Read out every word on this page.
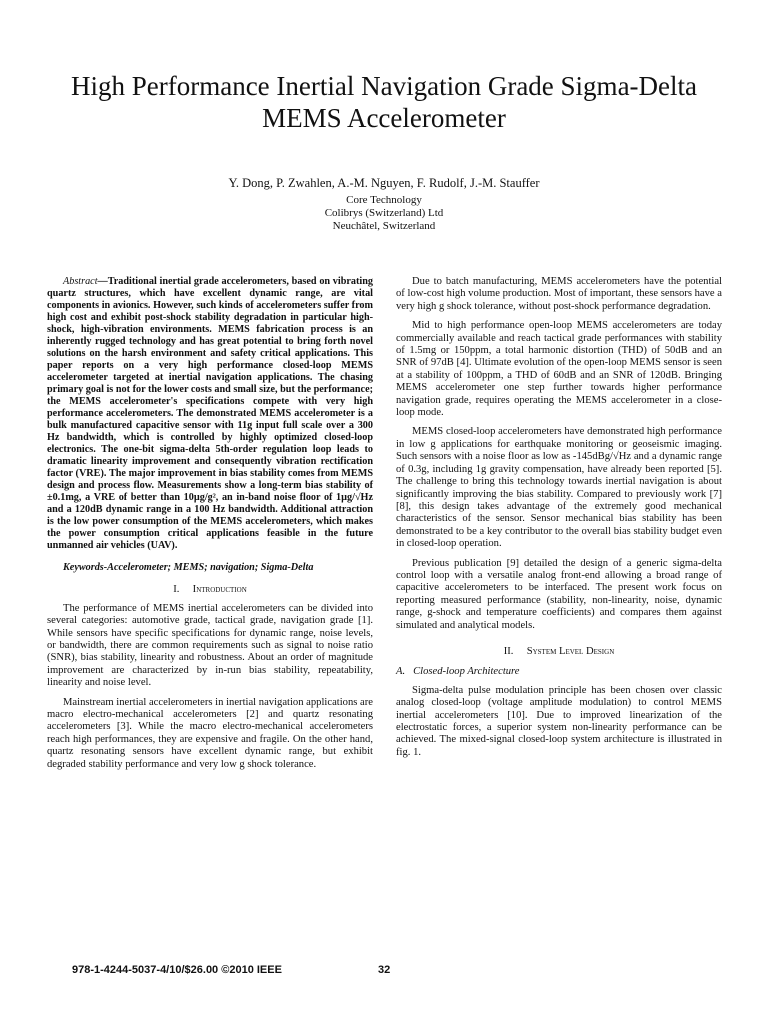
High Performance Inertial Navigation Grade Sigma-Delta MEMS Accelerometer
Y. Dong, P. Zwahlen, A.-M. Nguyen, F. Rudolf, J.-M. Stauffer
Core Technology
Colibrys (Switzerland) Ltd
Neuchâtel, Switzerland

Abstract—Traditional inertial grade accelerometers, based on vibrating quartz structures, which have excellent dynamic range, are vital components in avionics. However, such kinds of accelerometers suffer from high cost and exhibit post-shock stability degradation in particular high-shock, high-vibration environments. MEMS fabrication process is an inherently rugged technology and has great potential to bring forth novel solutions on the harsh environment and safety critical applications. This paper reports on a very high performance closed-loop MEMS accelerometer targeted at inertial navigation applications. The chasing primary goal is not for the lower costs and small size, but the performance; the MEMS accelerometer's specifications compete with very high performance accelerometers. The demonstrated MEMS accelerometer is a bulk manufactured capacitive sensor with 11g input full scale over a 300 Hz bandwidth, which is controlled by highly optimized closed-loop electronics. The one-bit sigma-delta 5th-order regulation loop leads to dramatic linearity improvement and consequently vibration rectification factor (VRE). The major improvement in bias stability comes from MEMS design and process flow. Measurements show a long-term bias stability of ±0.1mg, a VRE of better than 10µg/g², an in-band noise floor of 1µg/√Hz and a 120dB dynamic range in a 100 Hz bandwidth. Additional attraction is the low power consumption of the MEMS accelerometers, which makes the power consumption critical applications feasible in the future unmanned air vehicles (UAV).

Keywords-Accelerometer; MEMS; navigation; Sigma-Delta

I. Introduction

The performance of MEMS inertial accelerometers can be divided into several categories: automotive grade, tactical grade, navigation grade [1]. While sensors have specific specifications for dynamic range, noise levels, or bandwidth, there are common requirements such as signal to noise ratio (SNR), bias stability, linearity and robustness. About an order of magnitude improvement are characterized by in-run bias stability, repeatability, linearity and noise level.

Mainstream inertial accelerometers in inertial navigation applications are macro electro-mechanical accelerometers [2] and quartz resonating accelerometers [3]. While the macro electro-mechanical accelerometers reach high performances, they are expensive and fragile. On the other hand, quartz resonating sensors have excellent dynamic range, but exhibit degraded stability performance and very low g shock tolerance.

Due to batch manufacturing, MEMS accelerometers have the potential of low-cost high volume production. Most of important, these sensors have a very high g shock tolerance, without post-shock performance degradation.

Mid to high performance open-loop MEMS accelerometers are today commercially available and reach tactical grade performances with stability of 1.5mg or 150ppm, a total harmonic distortion (THD) of 50dB and an SNR of 97dB [4]. Ultimate evolution of the open-loop MEMS sensor is seen at a stability of 100ppm, a THD of 60dB and an SNR of 120dB. Bringing MEMS accelerometer one step further towards higher performance navigation grade, requires operating the MEMS accelerometer in a close-loop mode.

MEMS closed-loop accelerometers have demonstrated high performance in low g applications for earthquake monitoring or geoseismic imaging. Such sensors with a noise floor as low as -145dBg/√Hz and a dynamic range of 0.3g, including 1g gravity compensation, have already been reported [5]. The challenge to bring this technology towards inertial navigation is about significantly improving the bias stability. Compared to previously work [7] [8], this design takes advantage of the extremely good mechanical characteristics of the sensor. Sensor mechanical bias stability has been demonstrated to be a key contributor to the overall bias stability budget even in closed-loop operation.

Previous publication [9] detailed the design of a generic sigma-delta control loop with a versatile analog front-end allowing a broad range of capacitive accelerometers to be interfaced. The present work focus on reporting measured performance (stability, non-linearity, noise, dynamic range, g-shock and temperature coefficients) and compares them against simulated and analytical models.

II. System Level Design
A. Closed-loop Architecture

Sigma-delta pulse modulation principle has been chosen over classic analog closed-loop (voltage amplitude modulation) to control MEMS inertial accelerometers [10]. Due to improved linearization of the electrostatic forces, a superior system non-linearity performance can be achieved. The mixed-signal closed-loop system architecture is illustrated in fig. 1.

978-1-4244-5037-4/10/$26.00 ©2010 IEEE	32
